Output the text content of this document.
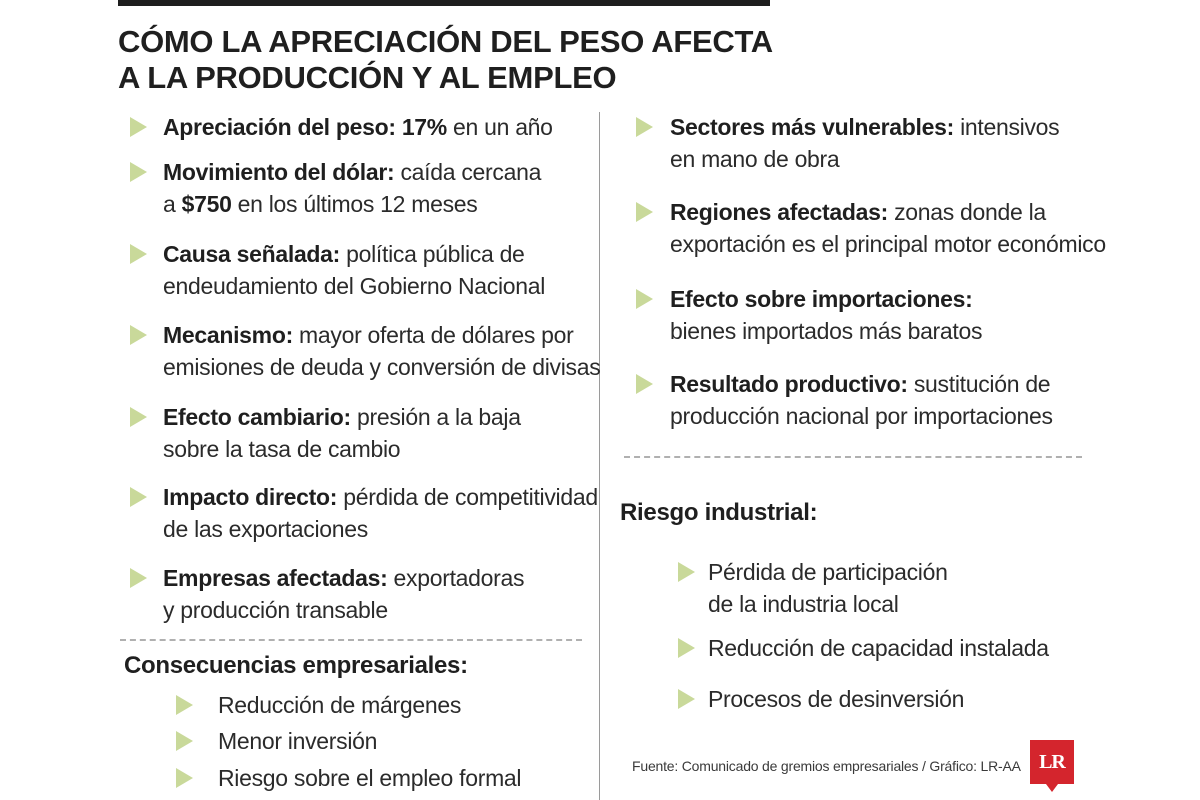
CÓMO LA APRECIACIÓN DEL PESO AFECTA
A LA PRODUCCIÓN Y AL EMPLEO
Apreciación del peso: 17% en un año
Movimiento del dólar: caída cercana
a $750 en los últimos 12 meses
Causa señalada: política pública de
endeudamiento del Gobierno Nacional
Mecanismo: mayor oferta de dólares por
emisiones de deuda y conversión de divisas
Efecto cambiario: presión a la baja
sobre la tasa de cambio
Impacto directo: pérdida de competitividad
de las exportaciones
Empresas afectadas: exportadoras
y producción transable
Consecuencias empresariales:
Reducción de márgenes
Menor inversión
Riesgo sobre el empleo formal
Sectores más vulnerables: intensivos
en mano de obra
Regiones afectadas: zonas donde la
exportación es el principal motor económico
Efecto sobre importaciones:
bienes importados más baratos
Resultado productivo: sustitución de
producción nacional por importaciones
Riesgo industrial:
Pérdida de participación
de la industria local
Reducción de capacidad instalada
Procesos de desinversión
Fuente: Comunicado de gremios empresariales / Gráfico: LR-AA LR
